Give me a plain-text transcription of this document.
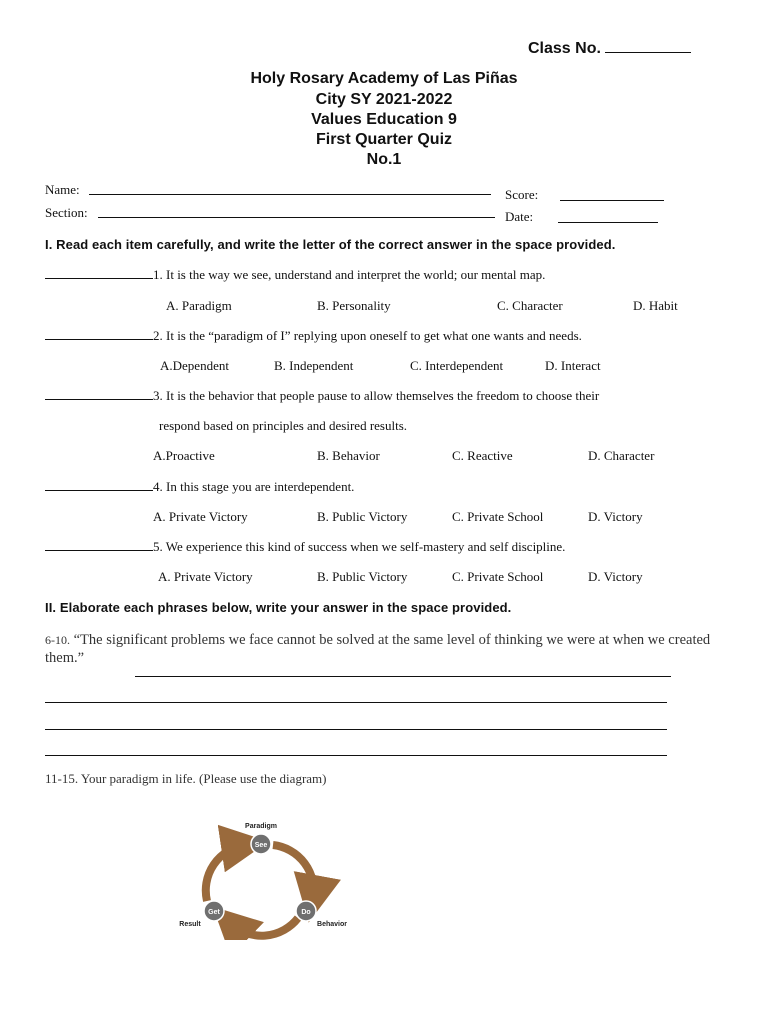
Class No.
Holy Rosary Academy of Las Piñas
City SY 2021-2022
Values Education 9
First Quarter Quiz
No.1
Name:
Section:
Score:
Date:
I. Read each item carefully, and write the letter of the correct answer in the space provided.
1. It is the way we see, understand and interpret the world; our mental map.
A. Paradigm	B. Personality	C. Character	D. Habit
2. It is the “paradigm of I” replying upon oneself to get what one wants and needs.
A.Dependent	B. Independent	C. Interdependent	D. Interact
3. It is the behavior that people pause to allow themselves the freedom to choose their
respond based on principles and desired results.
A.Proactive	B. Behavior	C. Reactive	D. Character
4. In this stage you are interdependent.
A. Private Victory	B. Public Victory	C. Private School	D. Victory
5. We experience this kind of success when we self-mastery and self discipline.
A. Private Victory	B. Public Victory	C. Private School	D. Victory
II. Elaborate each phrases below, write your answer in the space provided.
6-10. “The significant problems we face cannot be solved at the same level of thinking we were at when we created them.”
11-15. Your paradigm in life. (Please use the diagram)
See
Do
Get
Paradigm
Result	Behavior
